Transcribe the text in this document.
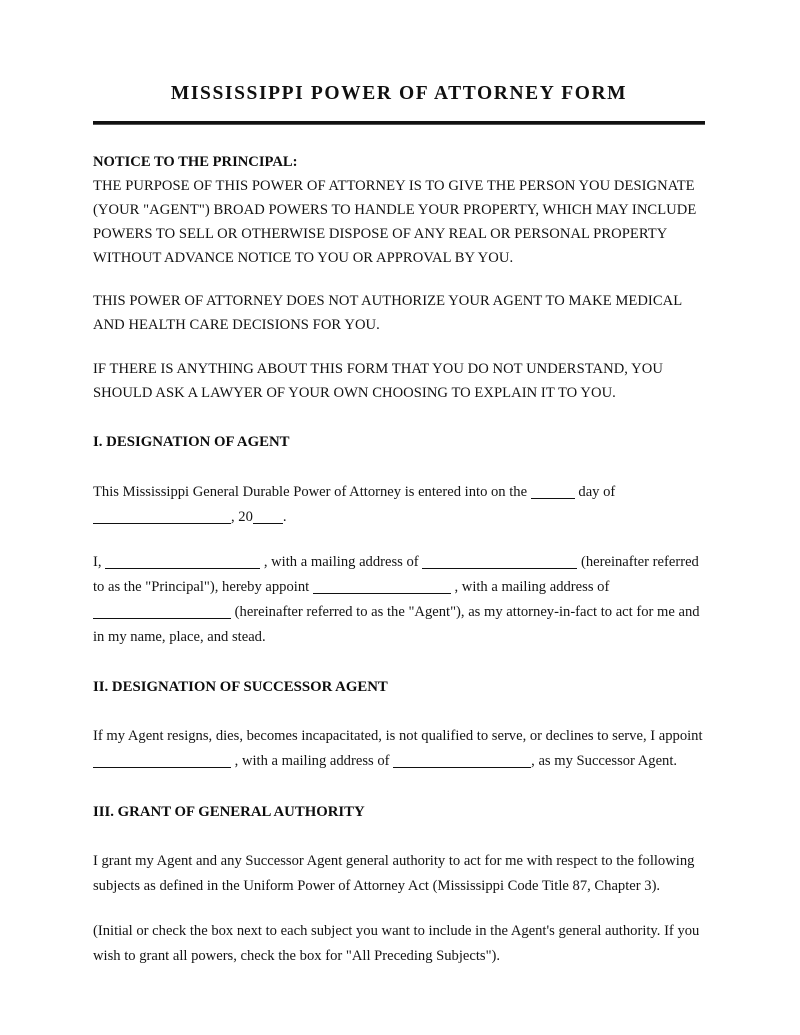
MISSISSIPPI POWER OF ATTORNEY FORM

NOTICE TO THE PRINCIPAL:

THE PURPOSE OF THIS POWER OF ATTORNEY IS TO GIVE THE PERSON YOU DESIGNATE (YOUR "AGENT") BROAD POWERS TO HANDLE YOUR PROPERTY, WHICH MAY INCLUDE POWERS TO SELL OR OTHERWISE DISPOSE OF ANY REAL OR PERSONAL PROPERTY WITHOUT ADVANCE NOTICE TO YOU OR APPROVAL BY YOU.

THIS POWER OF ATTORNEY DOES NOT AUTHORIZE YOUR AGENT TO MAKE MEDICAL AND HEALTH CARE DECISIONS FOR YOU.

IF THERE IS ANYTHING ABOUT THIS FORM THAT YOU DO NOT UNDERSTAND, YOU SHOULD ASK A LAWYER OF YOUR OWN CHOOSING TO EXPLAIN IT TO YOU.

I. DESIGNATION OF AGENT

This Mississippi General Durable Power of Attorney is entered into on the	day of , 20 .

I,	, with a mailing address of	(hereinafter referred to as the "Principal"), hereby appoint	, with a mailing address of  (hereinafter referred to as the "Agent"), as my attorney-in-fact to act for me and in my name, place, and stead.

II. DESIGNATION OF SUCCESSOR AGENT

If my Agent resigns, dies, becomes incapacitated, is not qualified to serve, or declines to serve, I appoint  , with a mailing address of	, as my Successor Agent.

III. GRANT OF GENERAL AUTHORITY

I grant my Agent and any Successor Agent general authority to act for me with respect to the following subjects as defined in the Uniform Power of Attorney Act (Mississippi Code Title 87, Chapter 3).

(Initial or check the box next to each subject you want to include in the Agent's general authority. If you wish to grant all powers, check the box for "All Preceding Subjects").
